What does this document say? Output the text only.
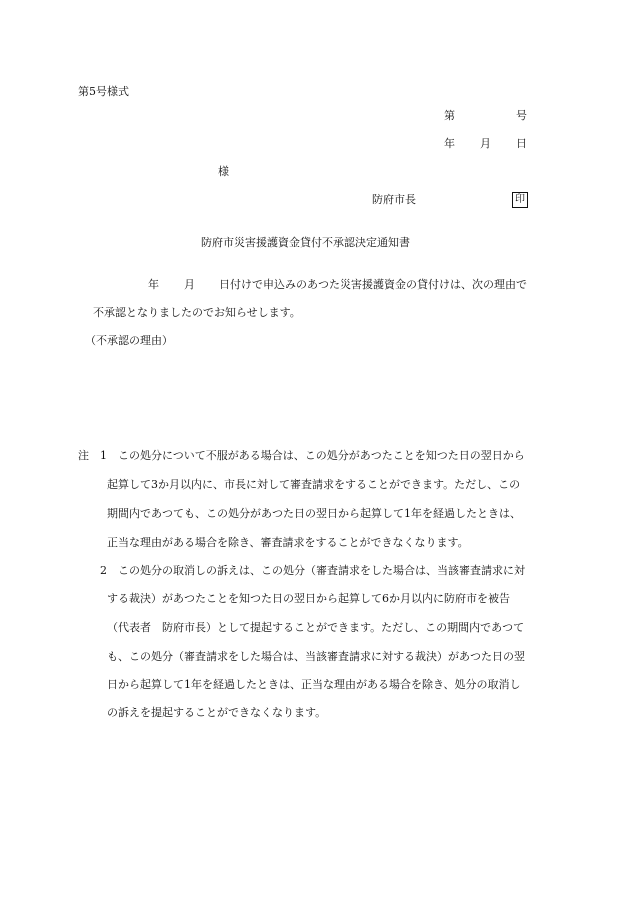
第5号様式
第	号
年 月 日
様
防府市長	印
防府市災害援護資金貸付不承認決定通知書
年 月 日付けで申込みのあつた災害援護資金の貸付けは、次の理由で
不承認となりましたのでお知らせします。
（不承認の理由）
注 1 この処分について不服がある場合は、この処分があつたことを知つた日の翌日から
起算して3か月以内に、市長に対して審査請求をすることができます。ただし、この
期間内であつても、この処分があつた日の翌日から起算して1年を経過したときは、
正当な理由がある場合を除き、審査請求をすることができなくなります。
2 この処分の取消しの訴えは、この処分（審査請求をした場合は、当該審査請求に対
する裁決）があつたことを知つた日の翌日から起算して6か月以内に防府市を被告
（代表者　防府市長）として提起することができます。ただし、この期間内であつて
も、この処分（審査請求をした場合は、当該審査請求に対する裁決）があつた日の翌
日から起算して1年を経過したときは、正当な理由がある場合を除き、処分の取消し
の訴えを提起することができなくなります。
